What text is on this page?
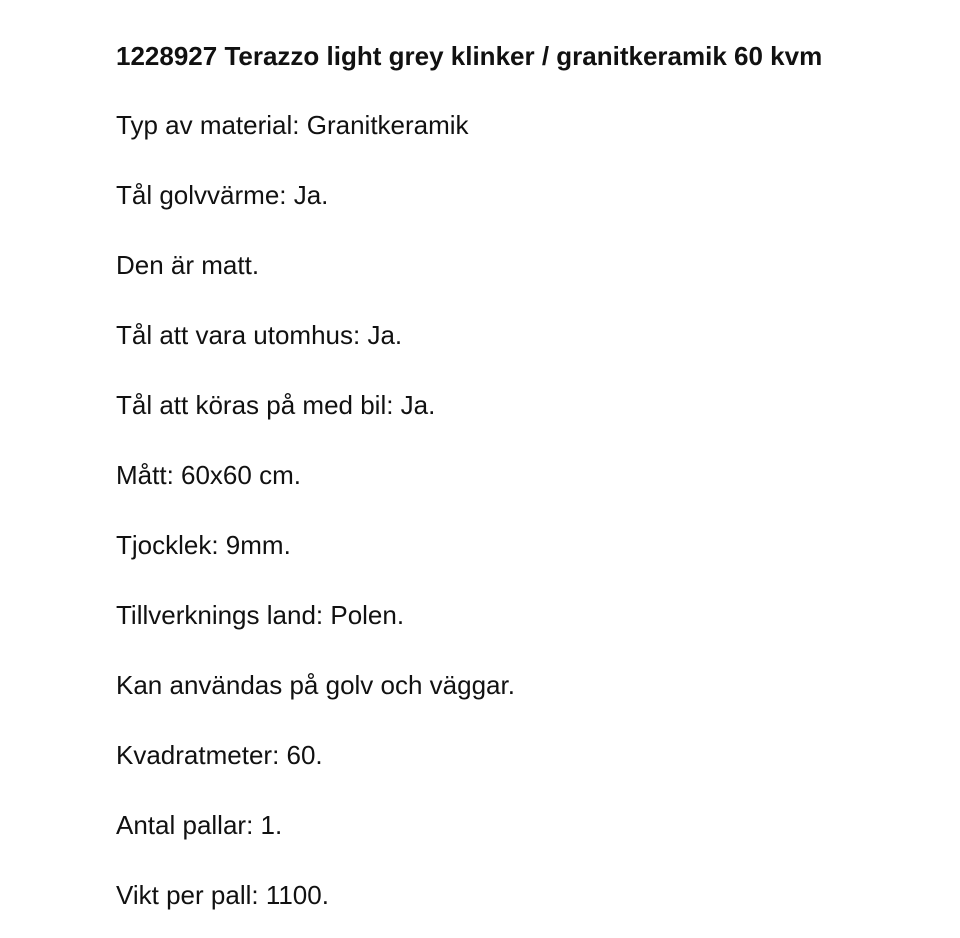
1228927 Terazzo light grey klinker / granitkeramik 60 kvm
Typ av material: Granitkeramik
Tål golvvärme: Ja.
Den är matt.
Tål att vara utomhus: Ja.
Tål att köras på med bil: Ja.
Mått: 60x60 cm.
Tjocklek: 9mm.
Tillverknings land: Polen.
Kan användas på golv och väggar.
Kvadratmeter: 60.
Antal pallar: 1.
Vikt per pall: 1100.
